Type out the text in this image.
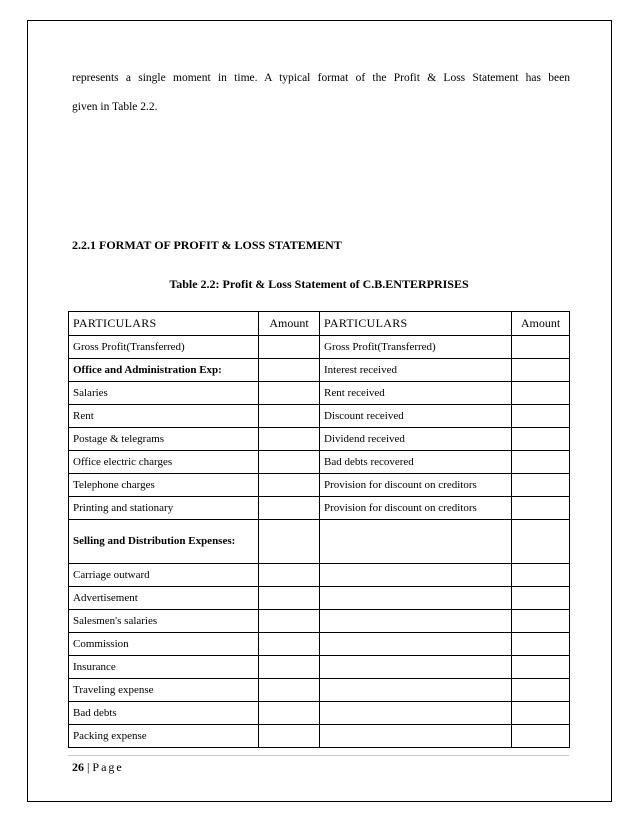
represents a single moment in time. A typical format of the Profit & Loss Statement has been

given in Table 2.2.

2.2.1 FORMAT OF PROFIT & LOSS STATEMENT

Table 2.2: Profit & Loss Statement of C.B.ENTERPRISES

PARTICULARS	Amount	PARTICULARS	Amount
Gross Profit(Transferred)		Gross Profit(Transferred)	
Office and Administration Exp:		Interest received	
Salaries		Rent received	
Rent		Discount received	
Postage & telegrams		Dividend received	
Office electric charges		Bad debts recovered	
Telephone charges		Provision for discount on creditors	
Printing and stationary		Provision for discount on creditors	
Selling and Distribution Expenses:			
Carriage outward			
Advertisement			
Salesmen's salaries			
Commission			
Insurance			
Traveling expense			
Bad debts			
Packing expense			

26 | Page
